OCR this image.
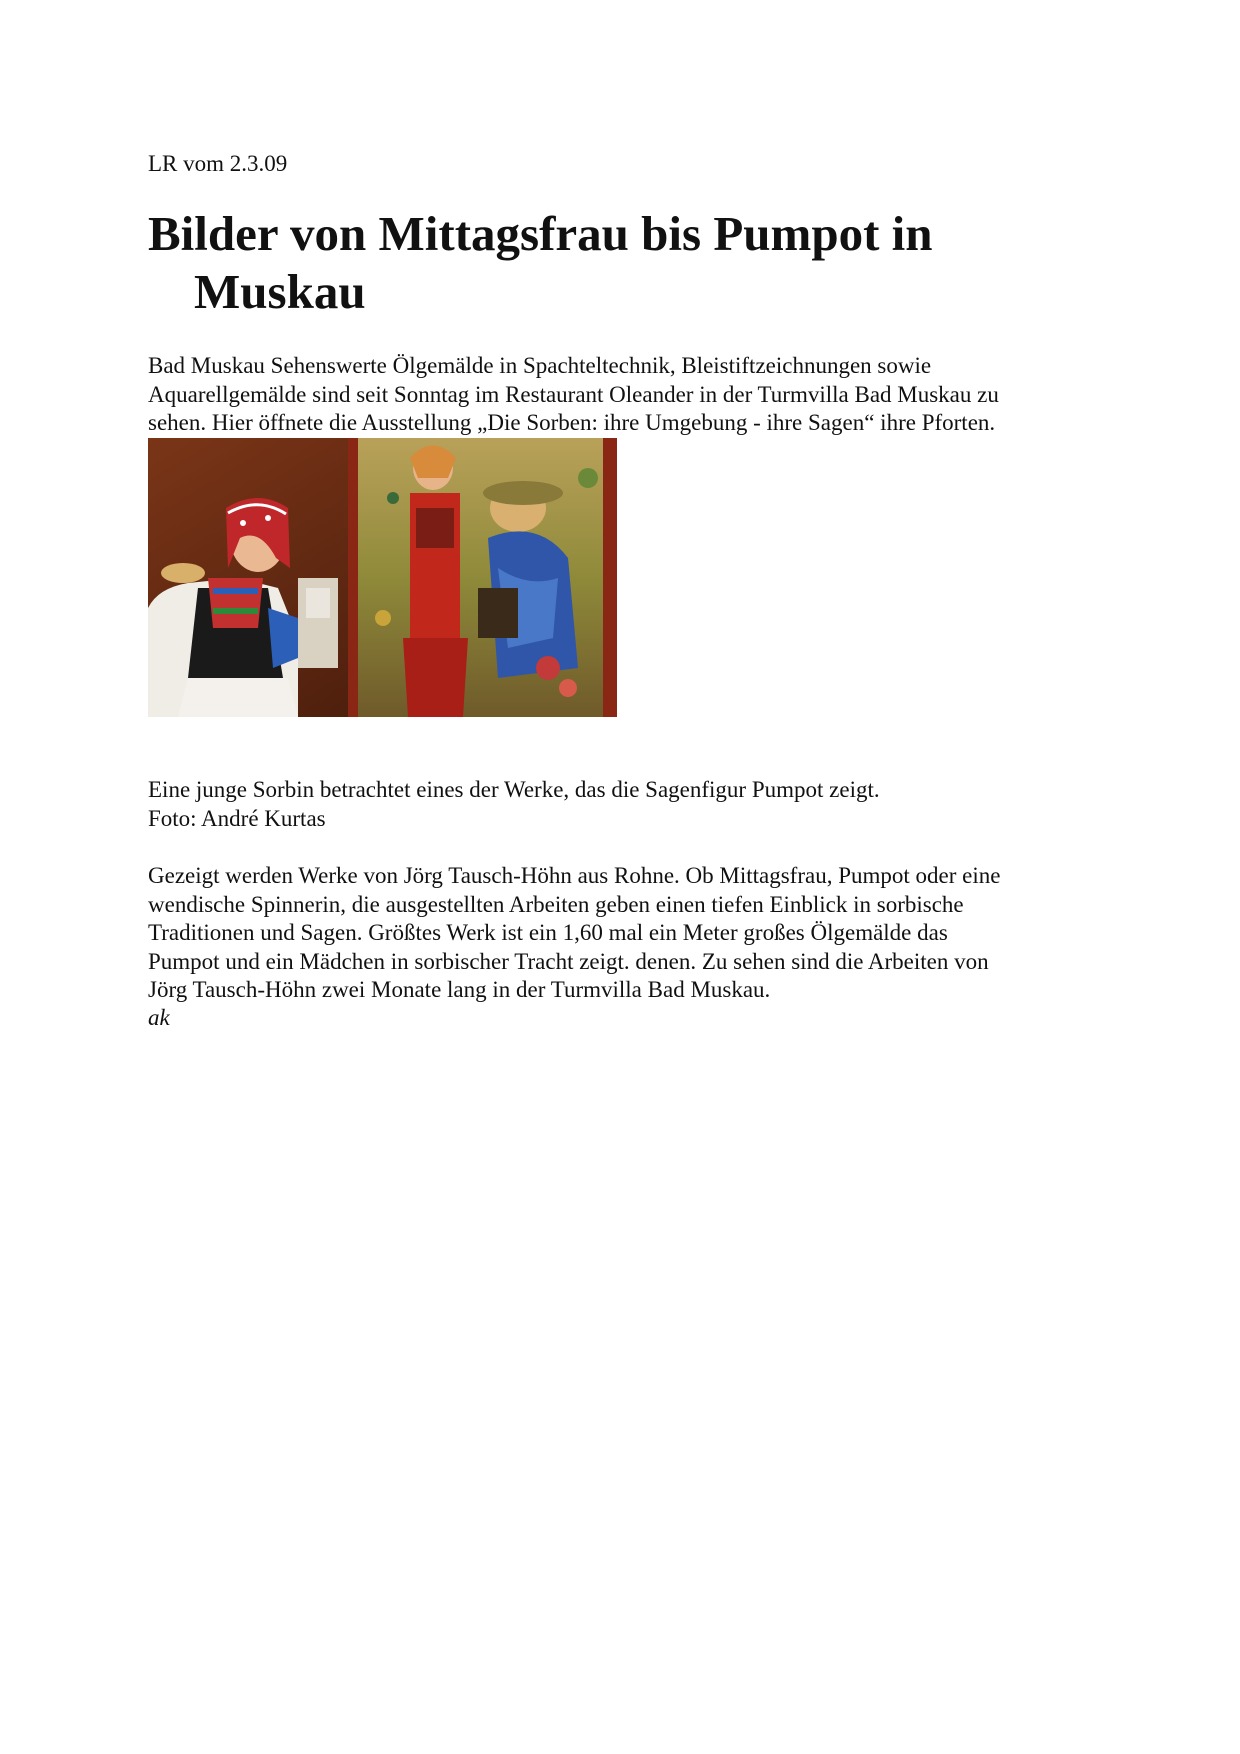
LR vom 2.3.09
Bilder von Mittagsfrau bis Pumpot in
Muskau

Bad Muskau Sehenswerte Ölgemälde in Spachteltechnik, Bleistiftzeichnungen sowie
Aquarellgemälde sind seit Sonntag im Restaurant Oleander in der Turmvilla Bad Muskau zu
sehen. Hier öffnete die Ausstellung „Die Sorben: ihre Umgebung - ihre Sagen“ ihre Pforten.

Eine junge Sorbin betrachtet eines der Werke, das die Sagenfigur Pumpot zeigt.
Foto: André Kurtas

Gezeigt werden Werke von Jörg Tausch-Höhn aus Rohne. Ob Mittagsfrau, Pumpot oder eine
wendische Spinnerin, die ausgestellten Arbeiten geben einen tiefen Einblick in sorbische
Traditionen und Sagen. Größtes Werk ist ein 1,60 mal ein Meter großes Ölgemälde das
Pumpot und ein Mädchen in sorbischer Tracht zeigt. denen. Zu sehen sind die Arbeiten von
Jörg Tausch-Höhn zwei Monate lang in der Turmvilla Bad Muskau.

ak
